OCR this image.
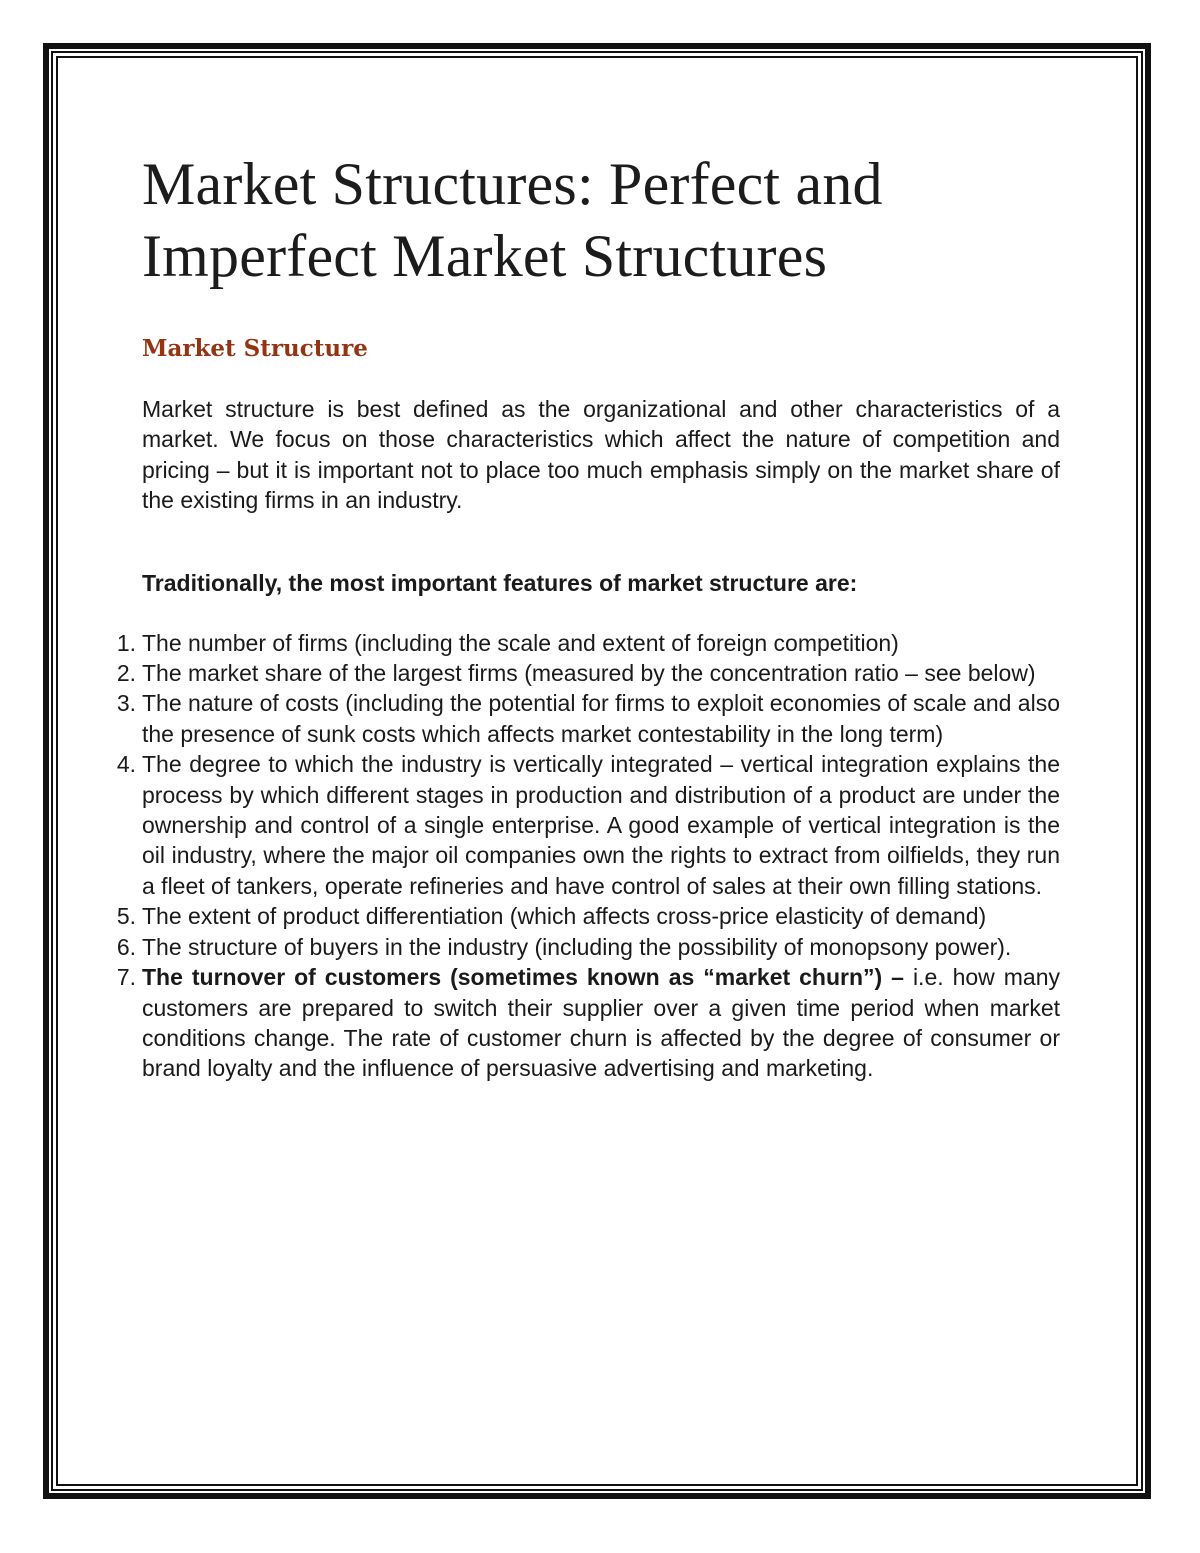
Market Structures: Perfect and
Imperfect Market Structures
Market Structure

Market structure is best defined as the organizational and other characteristics of a market. We focus on those characteristics which affect the nature of competition and pricing – but it is important not to place too much emphasis simply on the market share of the existing firms in an industry.

Traditionally, the most important features of market structure are:

1. The number of firms (including the scale and extent of foreign competition)
2. The market share of the largest firms (measured by the concentration ratio – see below)
3. The nature of costs (including the potential for firms to exploit economies of scale and also the presence of sunk costs which affects market contestability in the long term)
4. The degree to which the industry is vertically integrated – vertical integration explains the process by which different stages in production and distribution of a product are under the ownership and control of a single enterprise. A good example of vertical integration is the oil industry, where the major oil companies own the rights to extract from oilfields, they run a fleet of tankers, operate refineries and have control of sales at their own filling stations.
5. The extent of product differentiation (which affects cross-price elasticity of demand)
6. The structure of buyers in the industry (including the possibility of monopsony power).
7. The turnover of customers (sometimes known as “market churn”) – i.e. how many customers are prepared to switch their supplier over a given time period when market conditions change. The rate of customer churn is affected by the degree of consumer or brand loyalty and the influence of persuasive advertising and marketing.
